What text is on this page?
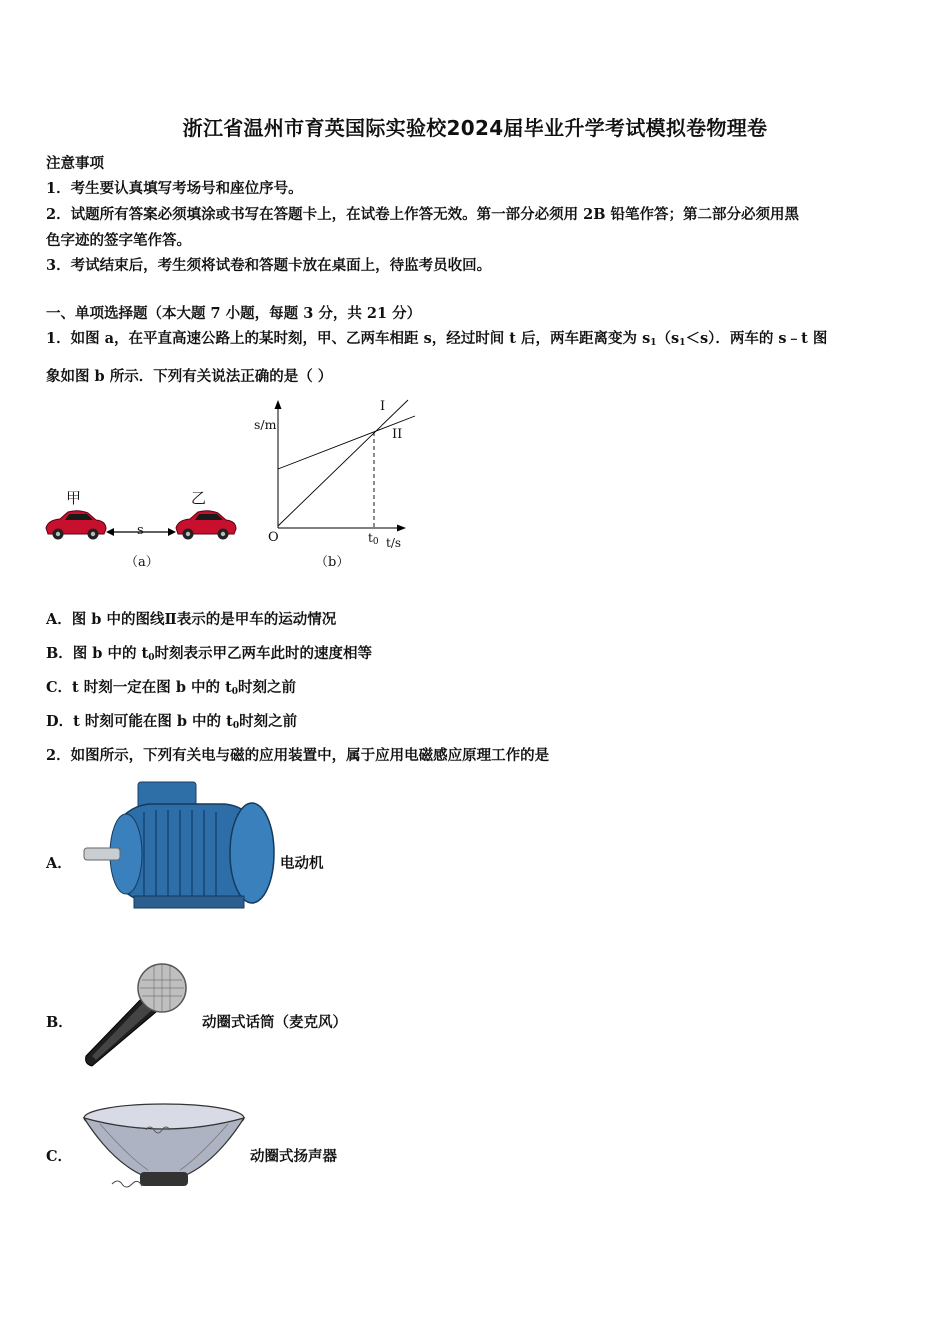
浙江省温州市育英国际实验校2024届毕业升学考试模拟卷物理卷
注意事项
1．考生要认真填写考场号和座位序号。
2．试题所有答案必须填涂或书写在答题卡上，在试卷上作答无效。第一部分必须用 2B 铅笔作答；第二部分必须用黑
色字迹的签字笔作答。
3．考试结束后，考生须将试卷和答题卡放在桌面上，待监考员收回。
一、单项选择题（本大题 7 小题，每题 3 分，共 21 分）
1．如图 a，在平直高速公路上的某时刻，甲、乙两车相距 s，经过时间 t 后，两车距离变为 $s_1(s_1<s)$．两车的 s﹣t 图
象如图 b 所示．下列有关说法正确的是（ ）
甲	乙
s
（a）
s/m
I
II
O	$t_0$ t/s
（b）
A．图 b 中的图线Ⅱ表示的是甲车的运动情况
B．图 b 中的 $t_0$时刻表示甲乙两车此时的速度相等
C．t 时刻一定在图 b 中的 $t_0$时刻之前
D．t 时刻可能在图 b 中的 $t_0$时刻之前
2．如图所示，下列有关电与磁的应用装置中，属于应用电磁感应原理工作的是
A．	电动机
B．	动圈式话筒（麦克风）
C．	动圈式扬声器
